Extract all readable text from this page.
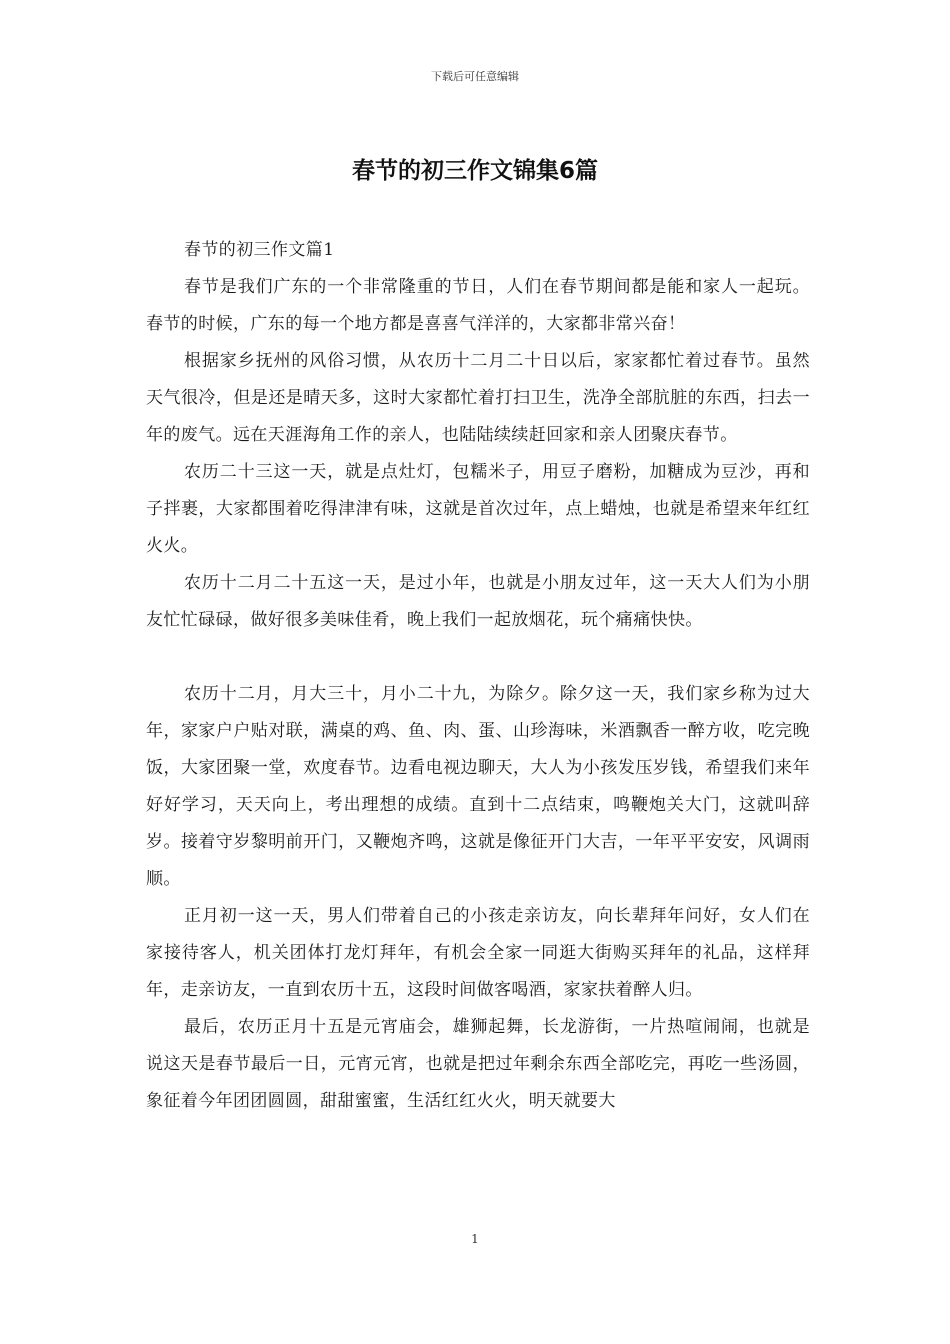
下载后可任意编辑
春节的初三作文锦集6篇

春节的初三作文篇1

春节是我们广东的一个非常隆重的节日，人们在春节期间都是能和家人一起玩。春节的时候，广东的每一个地方都是喜喜气洋洋的，大家都非常兴奋！

根据家乡抚州的风俗习惯，从农历十二月二十日以后，家家都忙着过春节。虽然天气很冷，但是还是晴天多，这时大家都忙着打扫卫生，洗净全部肮脏的东西，扫去一年的废气。远在天涯海角工作的亲人，也陆陆续续赶回家和亲人团聚庆春节。

农历二十三这一天，就是点灶灯，包糯米子，用豆子磨粉，加糖成为豆沙，再和子拌裹，大家都围着吃得津津有味，这就是首次过年，点上蜡烛，也就是希望来年红红火火。

农历十二月二十五这一天，是过小年，也就是小朋友过年，这一天大人们为小朋友忙忙碌碌，做好很多美味佳肴，晚上我们一起放烟花，玩个痛痛快快。

农历十二月，月大三十，月小二十九，为除夕。除夕这一天，我们家乡称为过大年，家家户户贴对联，满桌的鸡、鱼、肉、蛋、山珍海味，米酒飘香一醉方收，吃完晚饭，大家团聚一堂，欢度春节。边看电视边聊天，大人为小孩发压岁钱，希望我们来年好好学习，天天向上，考出理想的成绩。直到十二点结束，鸣鞭炮关大门，这就叫辞岁。接着守岁黎明前开门，又鞭炮齐鸣，这就是像征开门大吉，一年平平安安，风调雨顺。

正月初一这一天，男人们带着自己的小孩走亲访友，向长辈拜年问好，女人们在家接待客人，机关团体打龙灯拜年，有机会全家一同逛大街购买拜年的礼品，这样拜年，走亲访友，一直到农历十五，这段时间做客喝酒，家家扶着醉人归。

最后，农历正月十五是元宵庙会，雄狮起舞，长龙游街，一片热喧闹闹，也就是说这天是春节最后一日，元宵元宵，也就是把过年剩余东西全部吃完，再吃一些汤圆，象征着今年团团圆圆，甜甜蜜蜜，生活红红火火，明天就要大

1
